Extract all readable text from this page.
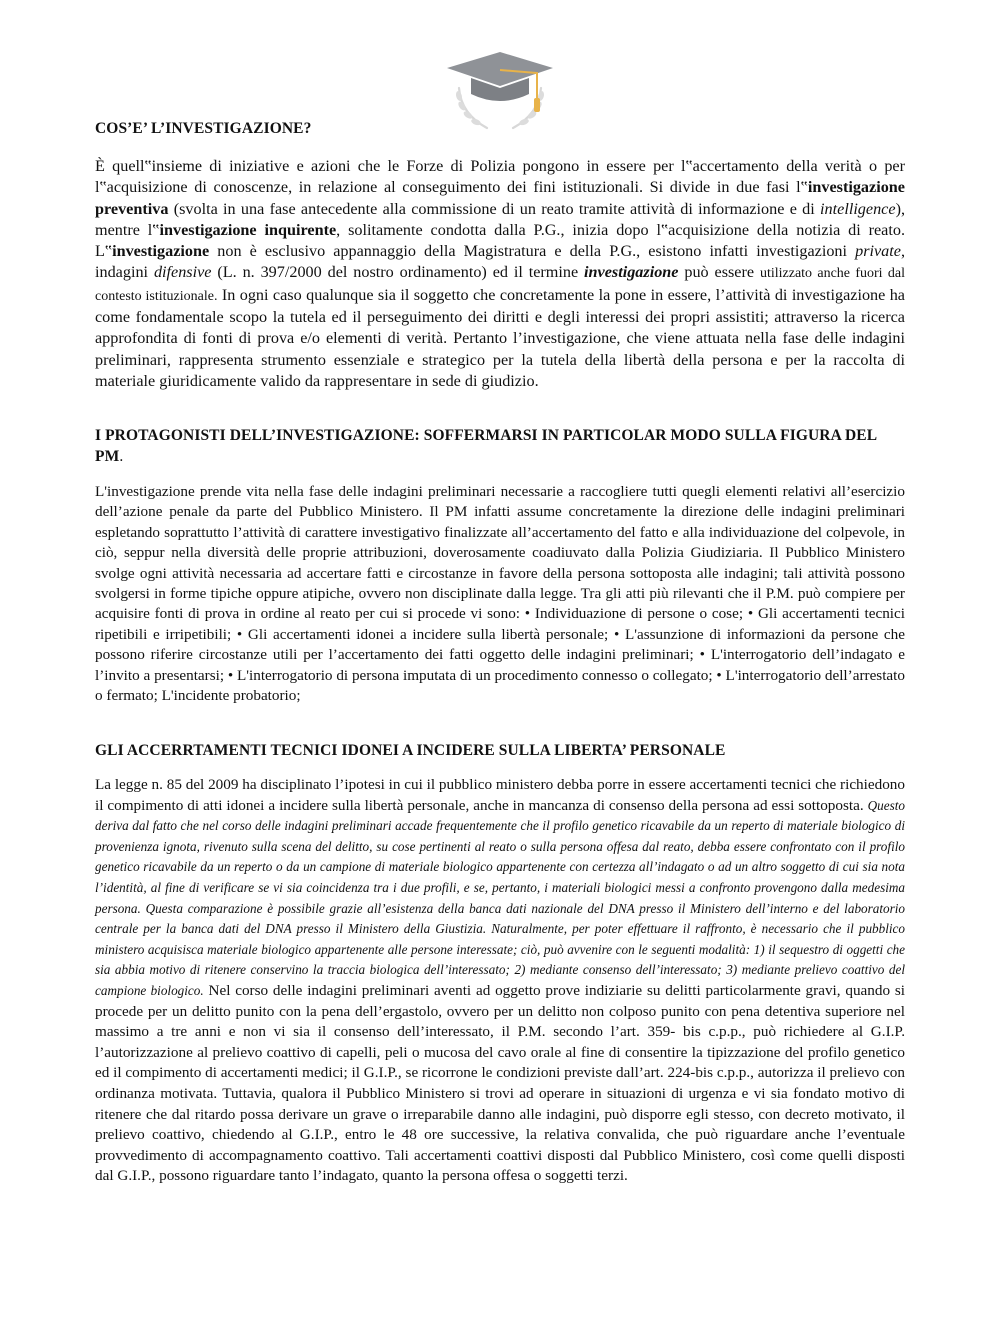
COS’E’ L’INVESTIGAZIONE?

È quell‟insieme di iniziative e azioni che le Forze di Polizia pongono in essere per l‟accertamento della verità o per l‟acquisizione di conoscenze, in relazione al conseguimento dei fini istituzionali. Si divide in due fasi l‟investigazione preventiva (svolta in una fase antecedente alla commissione di un reato tramite attività di informazione e di intelligence), mentre l‟investigazione inquirente, solitamente condotta dalla P.G., inizia dopo l‟acquisizione della notizia di reato. L‟investigazione non è esclusivo appannaggio della Magistratura e della P.G., esistono infatti investigazioni private, indagini difensive (L. n. 397/2000 del nostro ordinamento) ed il termine investigazione può essere utilizzato anche fuori dal contesto istituzionale. In ogni caso qualunque sia il soggetto che concretamente la pone in essere, l’attività di investigazione ha come fondamentale scopo la tutela ed il perseguimento dei diritti e degli interessi dei propri assistiti; attraverso la ricerca approfondita di fonti di prova e/o elementi di verità. Pertanto l’investigazione, che viene attuata nella fase delle indagini preliminari, rappresenta strumento essenziale e strategico per la tutela della libertà della persona e per la raccolta di materiale giuridicamente valido da rappresentare in sede di giudizio.

I PROTAGONISTI DELL’INVESTIGAZIONE: SOFFERMARSI IN PARTICOLAR MODO SULLA FIGURA DEL PM.

L'investigazione prende vita nella fase delle indagini preliminari necessarie a raccogliere tutti quegli elementi relativi all’esercizio dell’azione penale da parte del Pubblico Ministero. Il PM infatti assume concretamente la direzione delle indagini preliminari espletando soprattutto l’attività di carattere investigativo finalizzate all’accertamento del fatto e alla individuazione del colpevole, in ciò, seppur nella diversità delle proprie attribuzioni, doverosamente coadiuvato dalla Polizia Giudiziaria. Il Pubblico Ministero svolge ogni attività necessaria ad accertare fatti e circostanze in favore della persona sottoposta alle indagini; tali attività possono svolgersi in forme tipiche oppure atipiche, ovvero non disciplinate dalla legge. Tra gli atti più rilevanti che il P.M. può compiere per acquisire fonti di prova in ordine al reato per cui si procede vi sono: • Individuazione di persone o cose; • Gli accertamenti tecnici ripetibili e irripetibili; • Gli accertamenti idonei a incidere sulla libertà personale; • L'assunzione di informazioni da persone che possono riferire circostanze utili per l’accertamento dei fatti oggetto delle indagini preliminari; • L'interrogatorio dell’indagato e l’invito a presentarsi; • L'interrogatorio di persona imputata di un procedimento connesso o collegato; • L'interrogatorio dell’arrestato o fermato; L'incidente probatorio;

GLI ACCERRTAMENTI TECNICI IDONEI A INCIDERE SULLA LIBERTA’ PERSONALE

La legge n. 85 del 2009 ha disciplinato l’ipotesi in cui il pubblico ministero debba porre in essere accertamenti tecnici che richiedono il compimento di atti idonei a incidere sulla libertà personale, anche in mancanza di consenso della persona ad essi sottoposta. Questo deriva dal fatto che nel corso delle indagini preliminari accade frequentemente che il profilo genetico ricavabile da un reperto di materiale biologico di provenienza ignota, rivenuto sulla scena del delitto, su cose pertinenti al reato o sulla persona offesa dal reato, debba essere confrontato con il profilo genetico ricavabile da un reperto o da un campione di materiale biologico appartenente con certezza all’indagato o ad un altro soggetto di cui sia nota l’identità, al fine di verificare se vi sia coincidenza tra i due profili, e se, pertanto, i materiali biologici messi a confronto provengono dalla medesima persona. Questa comparazione è possibile grazie all’esistenza della banca dati nazionale del DNA presso il Ministero dell’interno e del laboratorio centrale per la banca dati del DNA presso il Ministero della Giustizia. Naturalmente, per poter effettuare il raffronto, è necessario che il pubblico ministero acquisisca materiale biologico appartenente alle persone interessate; ciò, può avvenire con le seguenti modalità: 1) il sequestro di oggetti che sia abbia motivo di ritenere conservino la traccia biologica dell’interessato; 2) mediante consenso dell’interessato; 3) mediante prelievo coattivo del campione biologico. Nel corso delle indagini preliminari aventi ad oggetto prove indiziarie su delitti particolarmente gravi, quando si procede per un delitto punito con la pena dell’ergastolo, ovvero per un delitto non colposo punito con pena detentiva superiore nel massimo a tre anni e non vi sia il consenso dell’interessato, il P.M. secondo l’art. 359- bis c.p.p., può richiedere al G.I.P. l’autorizzazione al prelievo coattivo di capelli, peli o mucosa del cavo orale al fine di consentire la tipizzazione del profilo genetico ed il compimento di accertamenti medici; il G.I.P., se ricorrone le condizioni previste dall’art. 224-bis c.p.p., autorizza il prelievo con ordinanza motivata. Tuttavia, qualora il Pubblico Ministero si trovi ad operare in situazioni di urgenza e vi sia fondato motivo di ritenere che dal ritardo possa derivare un grave o irreparabile danno alle indagini, può disporre egli stesso, con decreto motivato, il prelievo coattivo, chiedendo al G.I.P., entro le 48 ore successive, la relativa convalida, che può riguardare anche l’eventuale provvedimento di accompagnamento coattivo. Tali accertamenti coattivi disposti dal Pubblico Ministero, così come quelli disposti dal G.I.P., possono riguardare tanto l’indagato, quanto la persona offesa o soggetti terzi.
